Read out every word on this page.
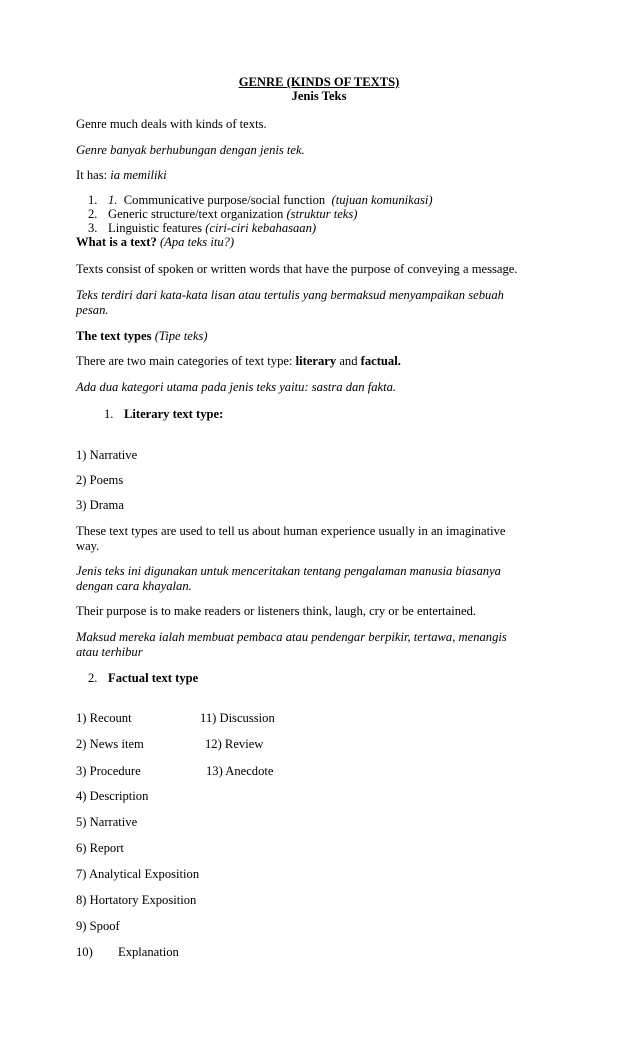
GENRE (KINDS OF TEXTS)
Jenis Teks
Genre much deals with kinds of texts.
Genre banyak berhubungan dengan jenis tek.
It has: ia memiliki
1. 1. Communicative purpose/social function (tujuan komunikasi)
2. Generic structure/text organization (struktur teks)
3. Linguistic features (ciri-ciri kebahasaan)
What is a text? (Apa teks itu?)
Texts consist of spoken or written words that have the purpose of conveying a message.
Teks terdiri dari kata-kata lisan atau tertulis yang bermaksud menyampaikan sebuah
pesan.
The text types (Tipe teks)
There are two main categories of text type: literary and factual.
Ada dua kategori utama pada jenis teks yaitu: sastra dan fakta.
1. Literary text type:
1) Narrative
2) Poems
3) Drama
These text types are used to tell us about human experience usually in an imaginative
way.
Jenis teks ini digunakan untuk menceritakan tentang pengalaman manusia biasanya
dengan cara khayalan.
Their purpose is to make readers or listeners think, laugh, cry or be entertained.
Maksud mereka ialah membuat pembaca atau pendengar berpikir, tertawa, menangis
atau terhibur
2. Factual text type
1) Recount
2) News item
3) Procedure
4) Description
5) Narrative
6) Report
7) Analytical Exposition
8) Hortatory Exposition
9) Spoof
10) Explanation
11) Discussion
12) Review
13) Anecdote
